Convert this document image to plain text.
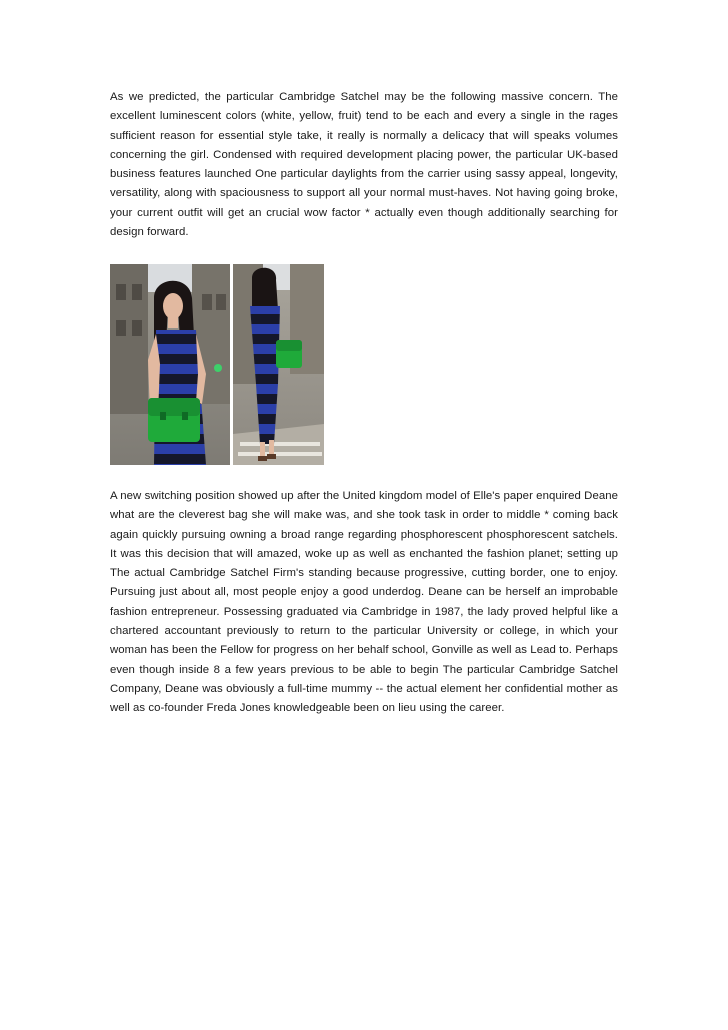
As we predicted, the particular Cambridge Satchel may be the following massive concern. The excellent luminescent colors (white, yellow, fruit) tend to be each and every a single in the rages sufficient reason for essential style take, it really is normally a delicacy that will speaks volumes concerning the girl. Condensed with required development placing power, the particular UK-based business features launched One particular daylights from the carrier using sassy appeal, longevity, versatility, along with spaciousness to support all your normal must-haves. Not having going broke, your current outfit will get an crucial wow factor * actually even though additionally searching for design forward.

A new switching position showed up after the United kingdom model of Elle's paper enquired Deane what are the cleverest bag she will make was, and she took task in order to middle * coming back again quickly pursuing owning a broad range regarding phosphorescent phosphorescent satchels. It was this decision that will amazed, woke up as well as enchanted the fashion planet; setting up The actual Cambridge Satchel Firm's standing because progressive, cutting border, one to enjoy. Pursuing just about all, most people enjoy a good underdog. Deane can be herself an improbable fashion entrepreneur. Possessing graduated via Cambridge in 1987, the lady proved helpful like a chartered accountant previously to return to the particular University or college, in which your woman has been the Fellow for progress on her behalf school, Gonville as well as Lead to. Perhaps even though inside 8 a few years previous to be able to begin The particular Cambridge Satchel Company, Deane was obviously a full-time mummy -- the actual element her confidential mother as well as co-founder Freda Jones knowledgeable been on lieu using the career.
